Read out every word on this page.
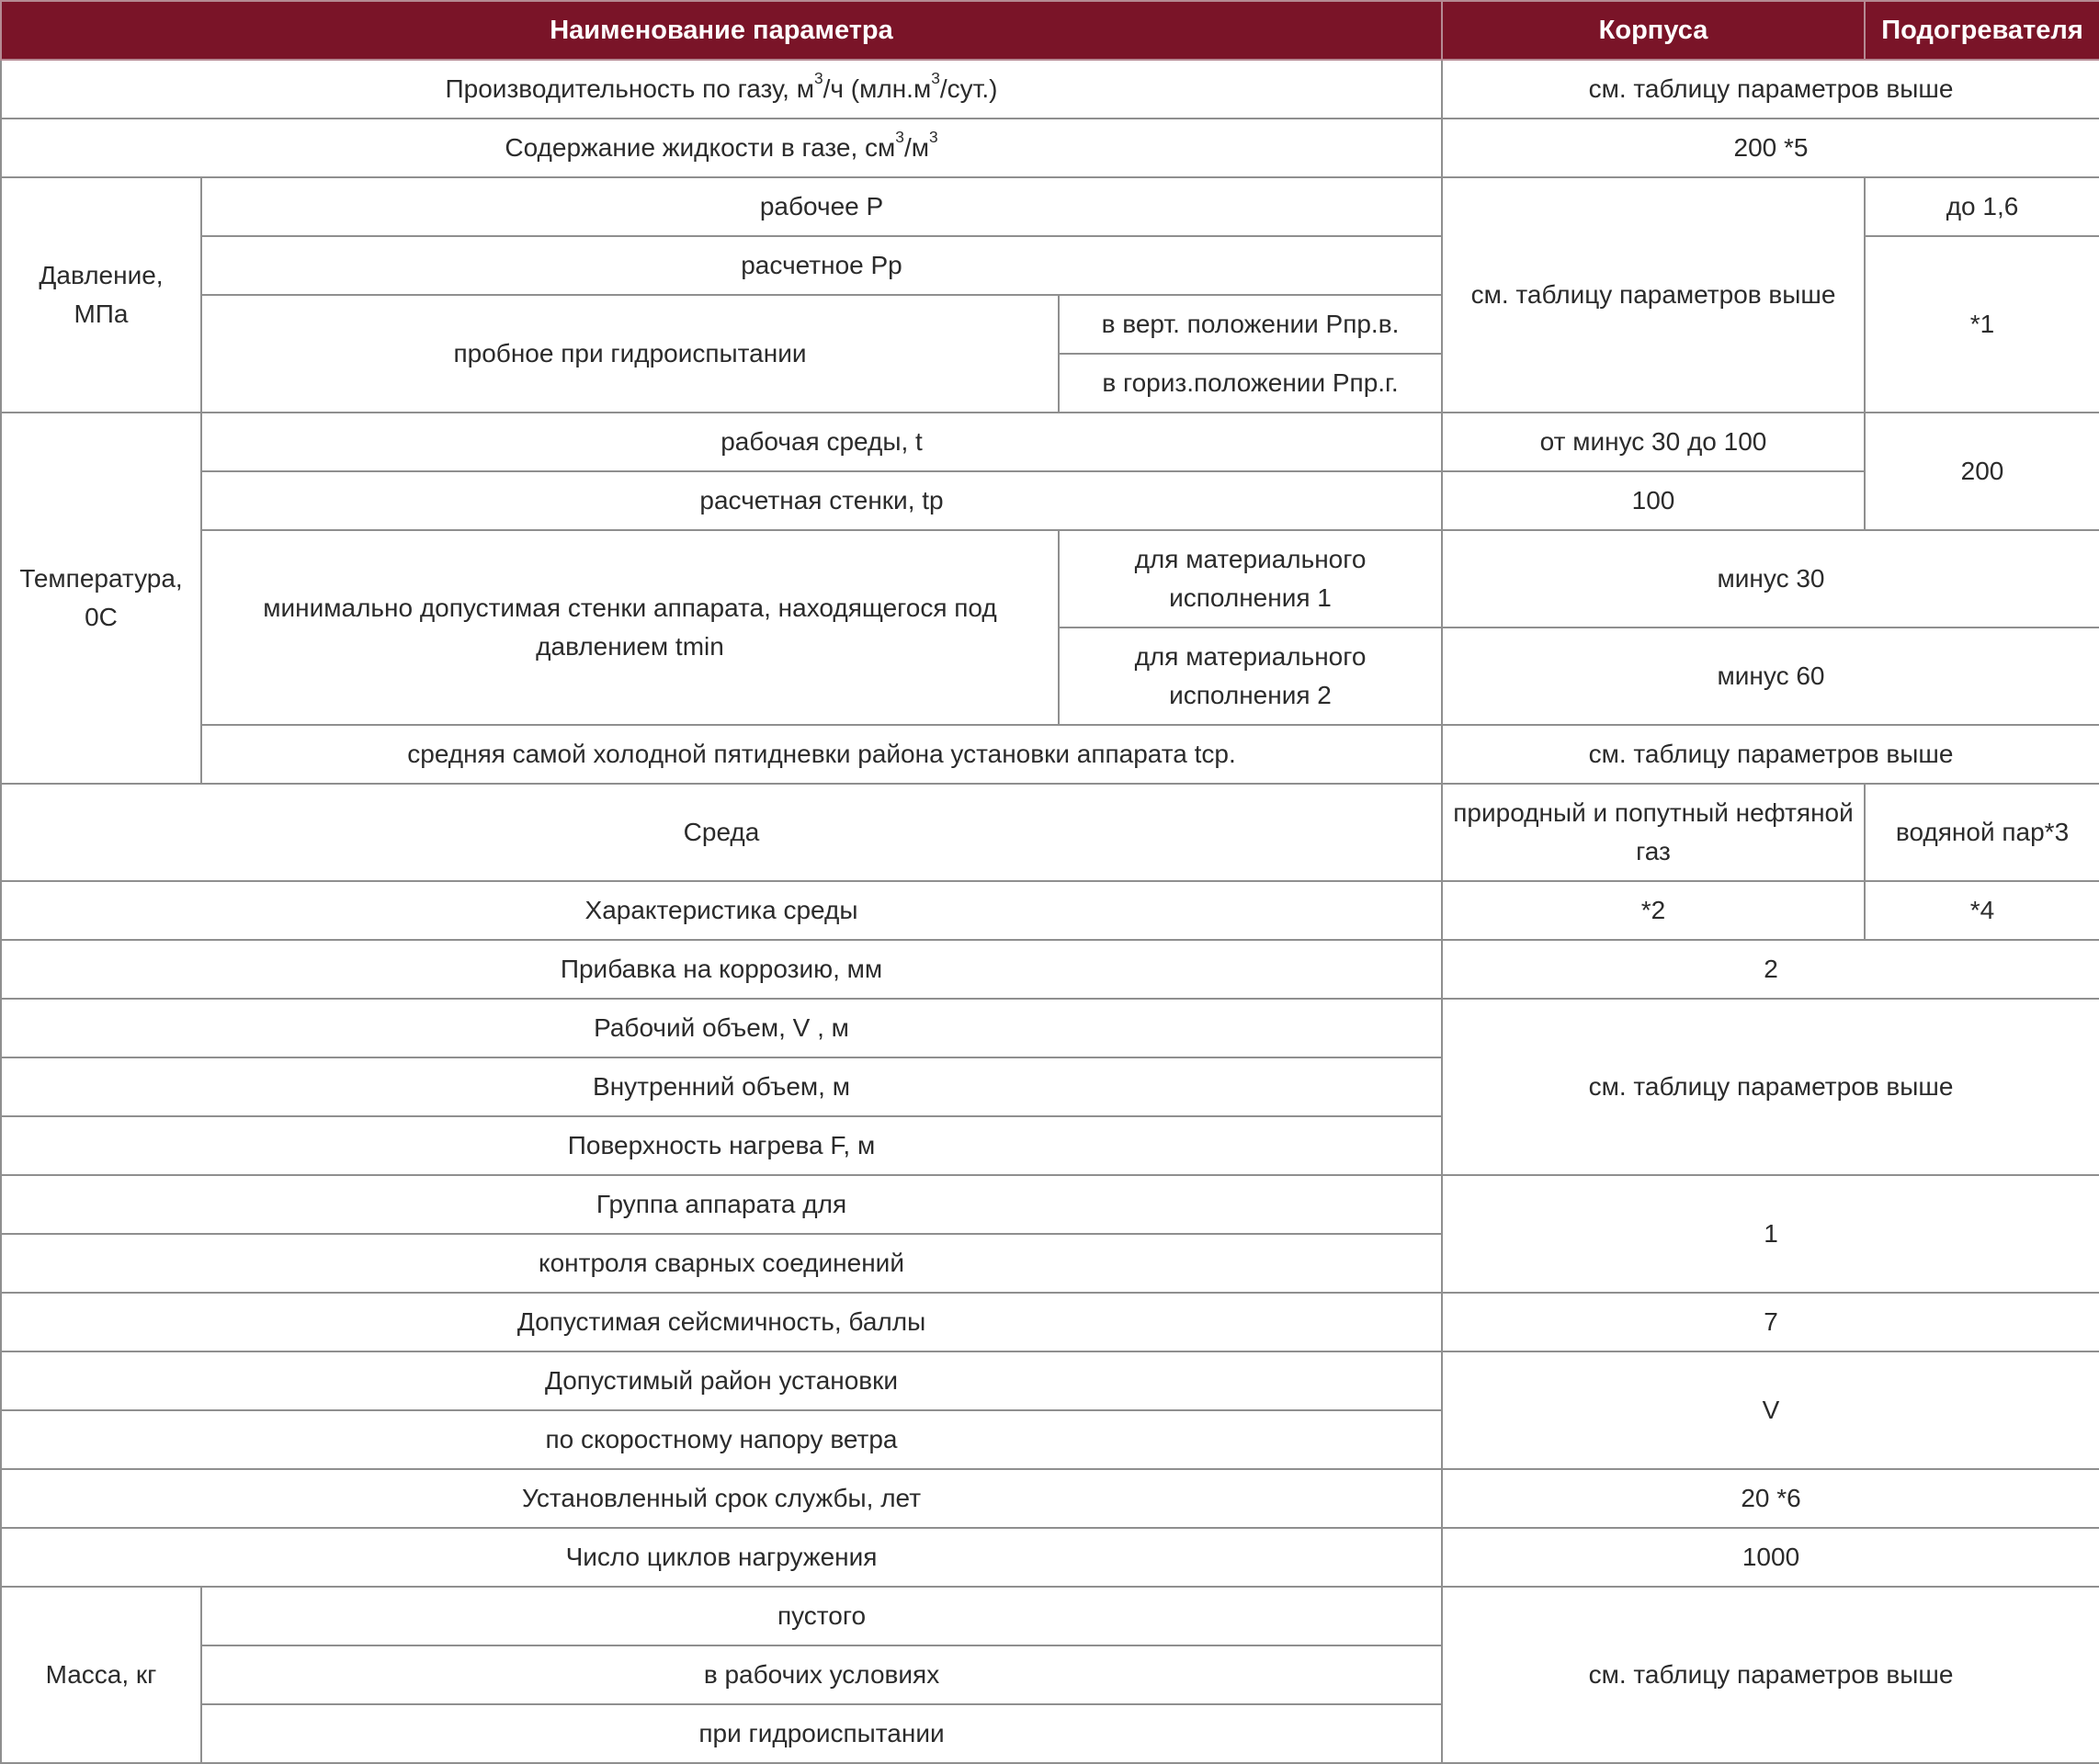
Наименование параметра			Корпуса	Подогревателя
Производительность по газу, $м^3/ч$ $(млн.м^3/сут.)$			см. таблицу параметров выше	
Содержание жидкости в газе, $см^3/м^3$			200 *5	
Давление, МПа	рабочее Р		см. таблицу параметров выше	до 1,6
	расчетное Рр			*1
	пробное при гидроиспытании	в верт. положении Рпр.в.		
		в гориз.положении Рпр.г.		
Температура, 0С	рабочая среды, t		от минус 30 до 100	200
	расчетная стенки, tр		100	
	минимально допустимая стенки аппарата, находящегося под давлением tmin	для материального исполнения 1	минус 30	
		для материального исполнения 2	минус 60	
	средняя самой холодной пятидневки района установки аппарата tср.		см. таблицу параметров выше	
Среда			природный и попутный нефтяной газ	водяной пар*3
Характеристика среды			*2	*4
Прибавка на коррозию, мм			2	
Рабочий объем, V , м			см. таблицу параметров выше	
Внутренний объем, м				
Поверхность нагрева F, м				
Группа аппарата для			1	
контроля сварных соединений				
Допустимая сейсмичность, баллы			7	
Допустимый район установки			V	
по скоростному напору ветра				
Установленный срок службы, лет			20 *6	
Число циклов нагружения			1000	
Масса, кг	пустого		см. таблицу параметров выше	
	в рабочих условиях			
	при гидроиспытании			
